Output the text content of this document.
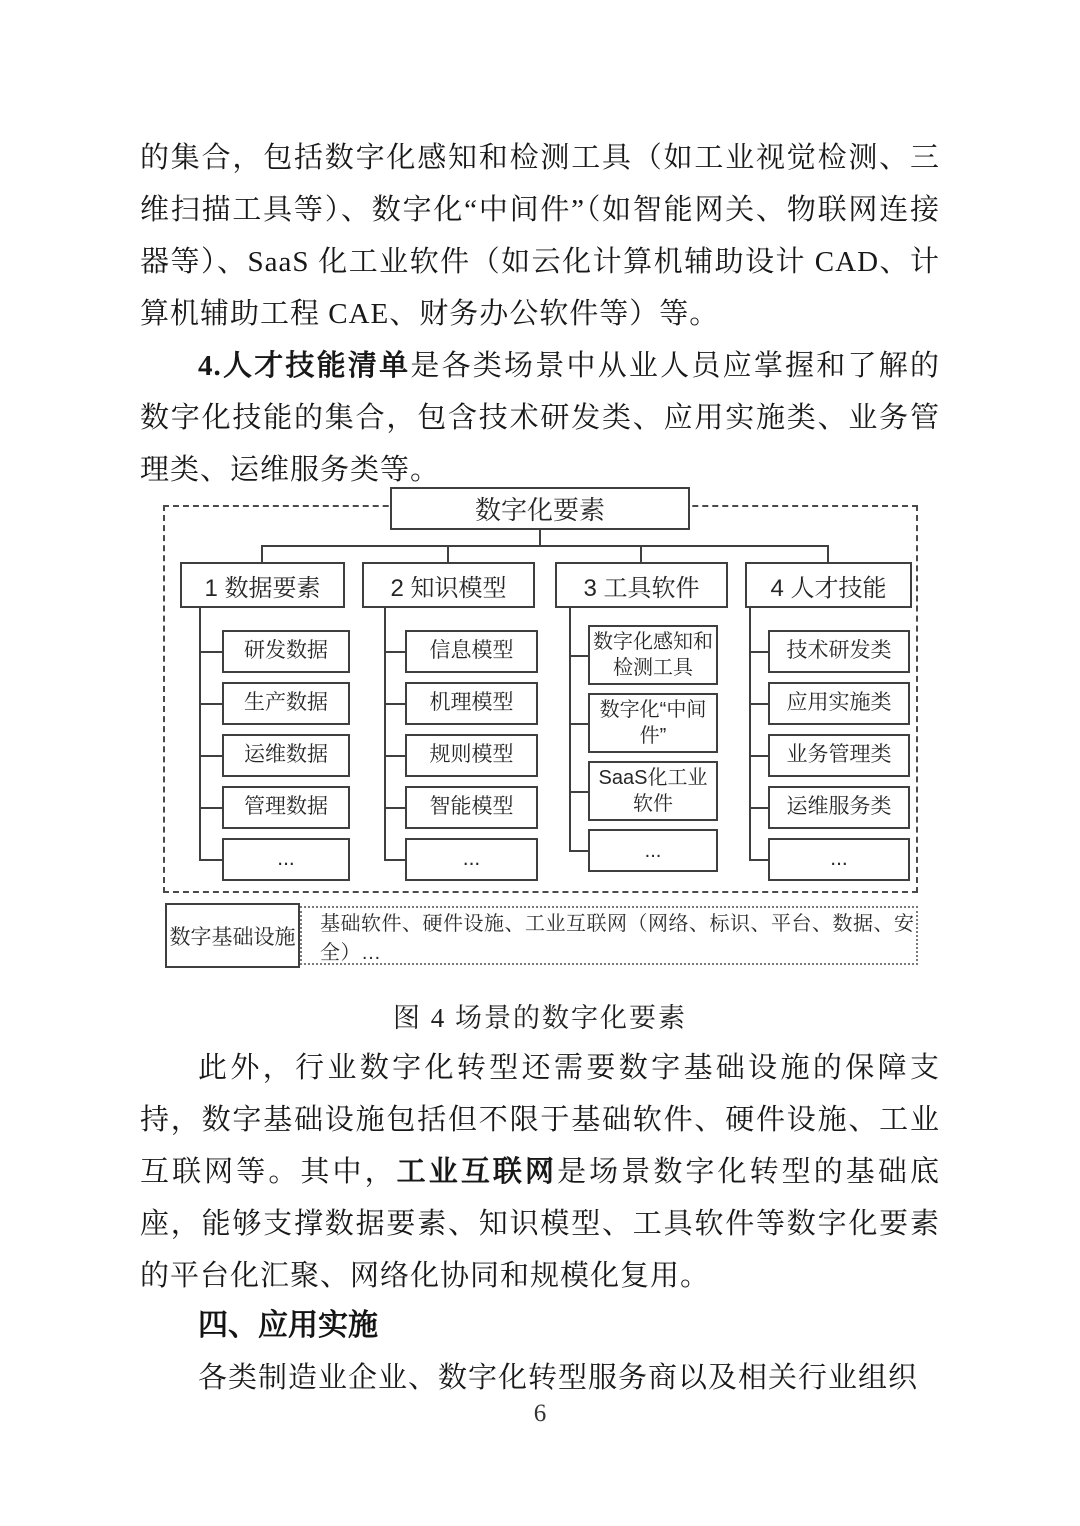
的集合，包括数字化感知和检测工具（如工业视觉检测、三维扫描工具等）、数字化“中间件”（如智能网关、物联网连接器等）、SaaS 化工业软件（如云化计算机辅助设计 CAD、计算机辅助工程 CAE、财务办公软件等）等。
4.人才技能清单是各类场景中从业人员应掌握和了解的数字化技能的集合，包含技术研发类、应用实施类、业务管理类、运维服务类等。
数字化要素
1 数据要素	2 知识模型	3 工具软件	4 人才技能
研发数据
生产数据
运维数据
管理数据
...
信息模型
机理模型
规则模型
智能模型
...
数字化感知和检测工具
数字化“中间件”
SaaS化工业软件
...
技术研发类
应用实施类
业务管理类
运维服务类
...
数字基础设施
基础软件、硬件设施、工业互联网（网络、标识、平台、数据、安全）…
图 4 场景的数字化要素
此外，行业数字化转型还需要数字基础设施的保障支持，数字基础设施包括但不限于基础软件、硬件设施、工业互联网等。其中，工业互联网是场景数字化转型的基础底座，能够支撑数据要素、知识模型、工具软件等数字化要素的平台化汇聚、网络化协同和规模化复用。
四、应用实施
各类制造业企业、数字化转型服务商以及相关行业组织
6
